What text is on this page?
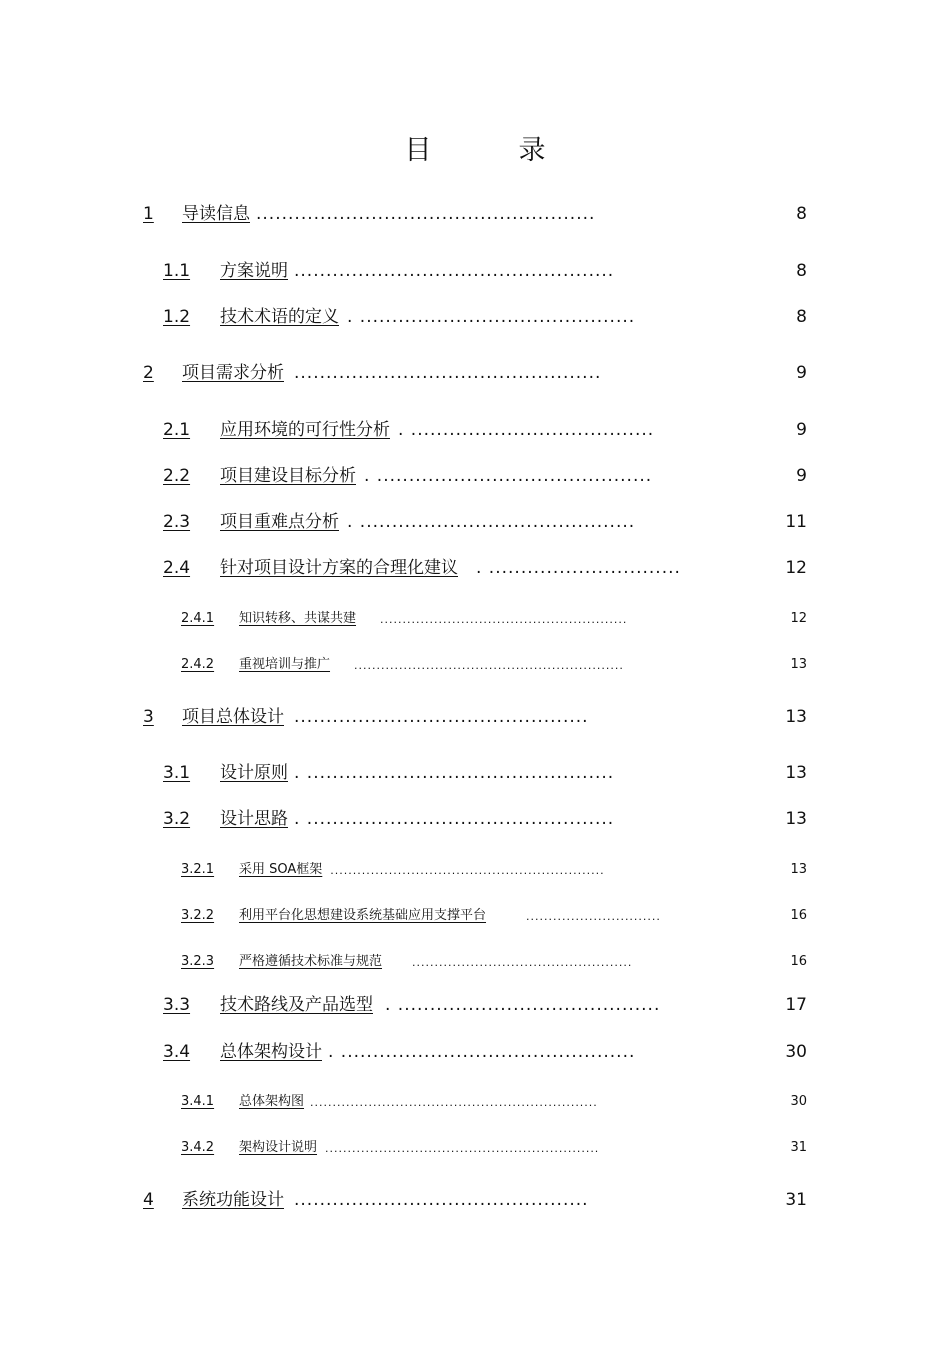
目　录
1	导读信息 .....................................................	8
1.1	方案说明 ..................................................	8
1.2	技术术语的定义 . ...........................................	8
2	项目需求分析 ................................................	9
2.1	应用环境的可行性分析 . ......................................	9
2.2	项目建设目标分析 . ...........................................	9
2.3	项目重难点分析 . ...........................................	11
2.4	针对项目设计方案的合理化建议 . ..............................	12
2.4.1	知识转移、共谋共建 .......................................................	12
2.4.2	重视培训与推广 ............................................................	13
3	项目总体设计 ..............................................	13
3.1	设计原则 . ................................................	13
3.2	设计思路 . ................................................	13
3.2.1	采用 SOA框架 .............................................................	13
3.2.2	利用平台化思想建设系统基础应用支撑平台	..............................	16
3.2.3	严格遵循技术标准与规范	.................................................	16
3.3	技术路线及产品选型 . .........................................	17
3.4	总体架构设计 . ..............................................	30
3.4.1	总体架构图 ................................................................	30
3.4.2	架构设计说明 .............................................................	31
4	系统功能设计 ..............................................	31
